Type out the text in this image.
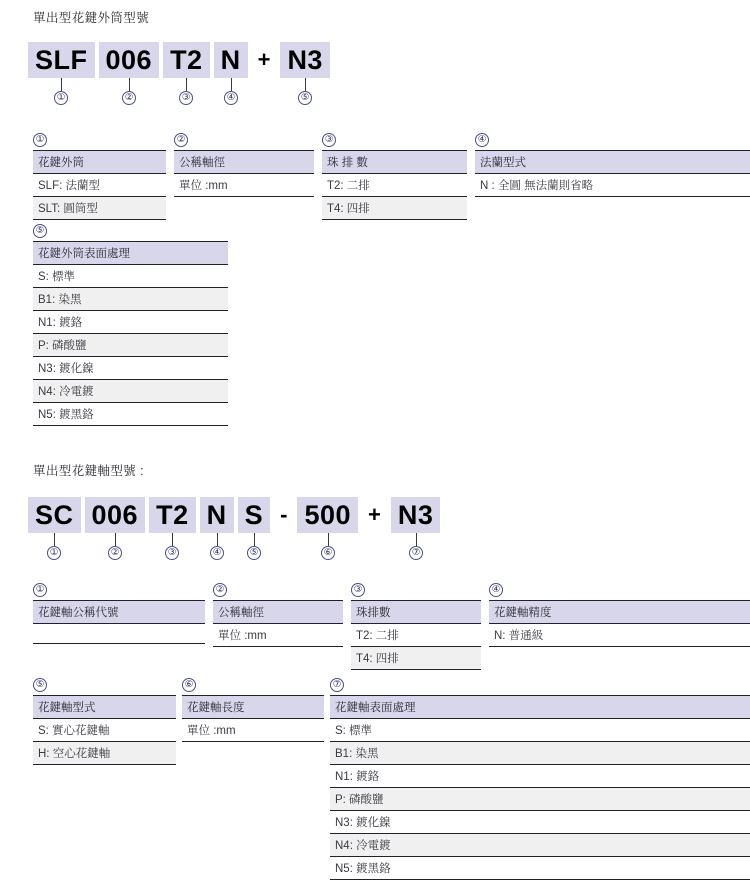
單出型花鍵外筒型號
SLF 006 T2 N + N3
①	②	③	④	⑤
①
花鍵外筒
SLF: 法蘭型
SLT: 圓筒型
②
公稱軸徑
單位 :mm

③
珠 排 數
T2: 二排
T4: 四排
④
法蘭型式
N : 全圓 無法蘭則省略

⑤
花鍵外筒表面處理
S: 標準
B1: 染黑
N1: 鍍鉻
P: 磷酸鹽
N3: 鍍化鎳
N4: 冷電鍍
N5: 鍍黑鉻
單出型花鍵軸型號 :
SC 006 T2 N S - 500 + N3
①	②	③	④	⑤	⑥	⑦
①
花鍵軸公稱代號

②
公稱軸徑
單位 :mm

③
珠排數
T2: 二排
T4: 四排
④
花鍵軸精度
N: 普通級

⑤
花鍵軸型式
S: 實心花鍵軸
H: 空心花鍵軸

⑥
花鍵軸長度
單位 :mm

⑦
花鍵軸表面處理
S: 標準
B1: 染黑
N1: 鍍鉻
P: 磷酸鹽
N3: 鍍化鎳
N4: 冷電鍍
N5: 鍍黑鉻
